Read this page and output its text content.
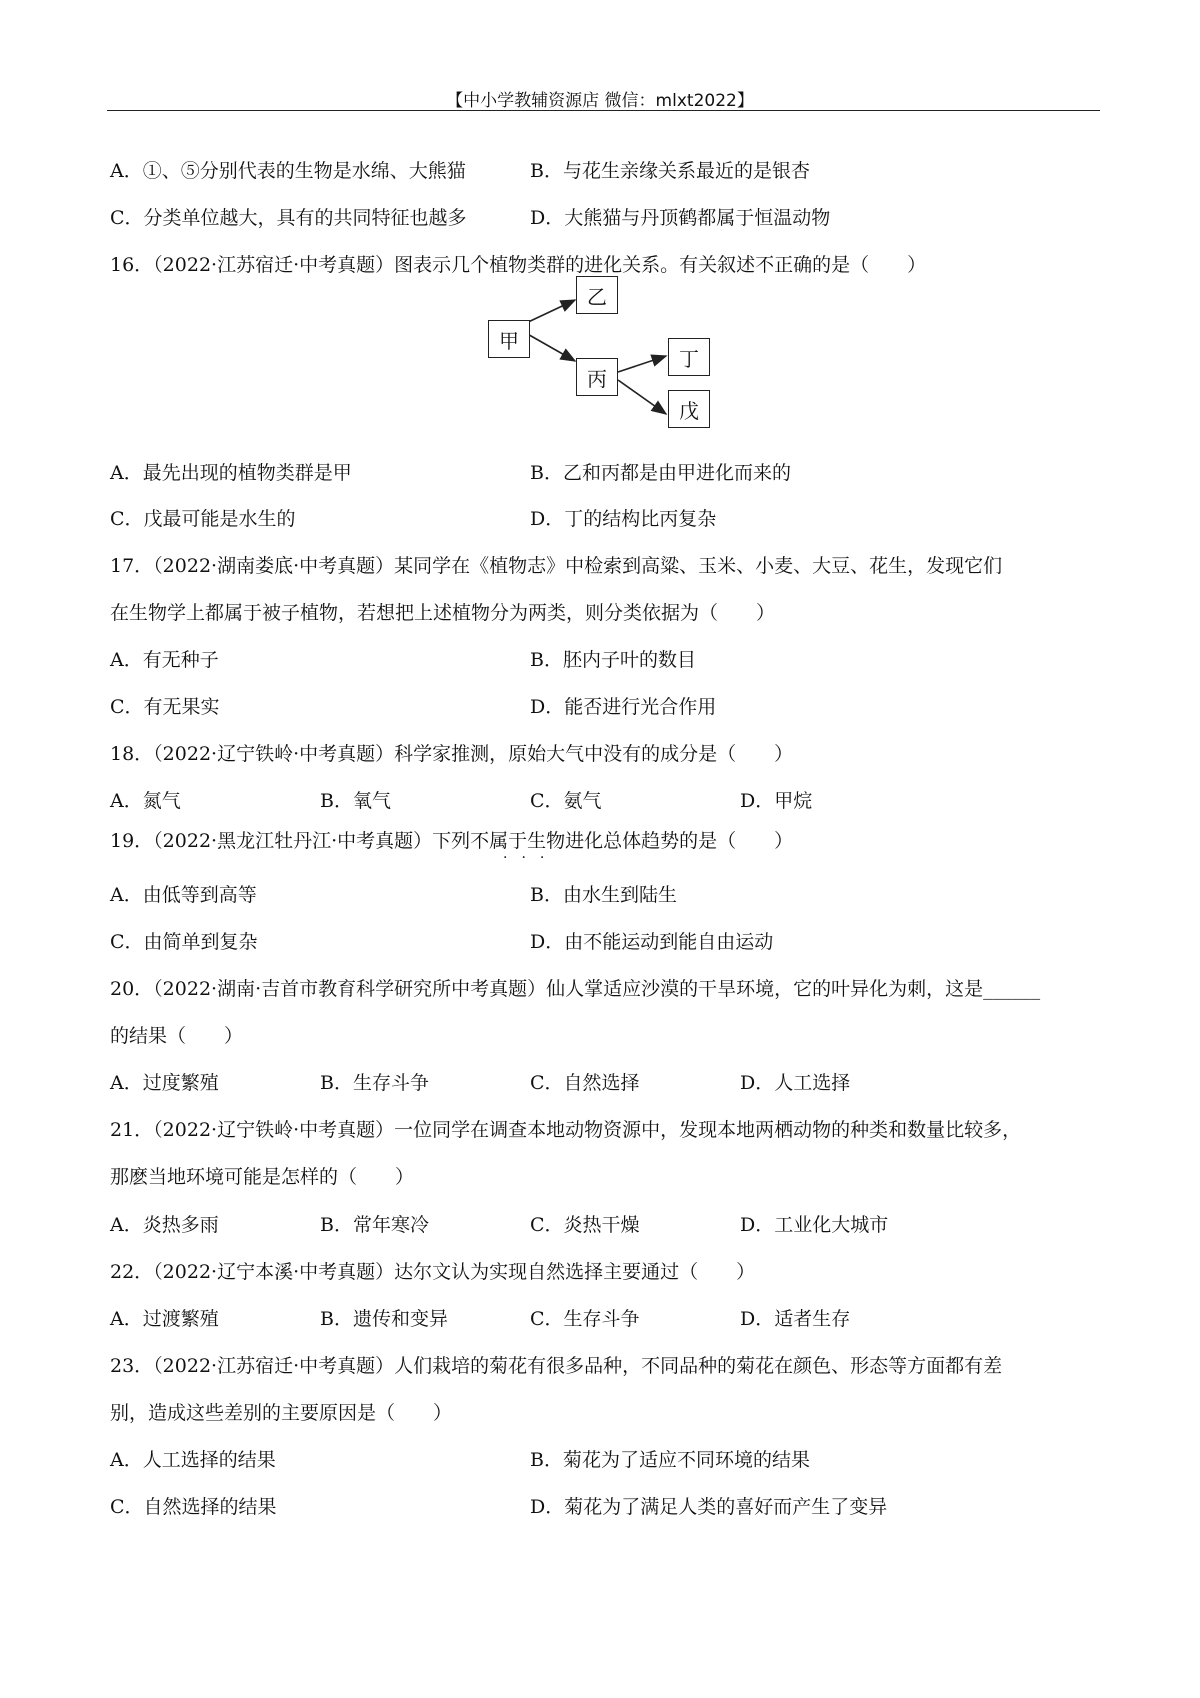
【中小学教辅资源店 微信：mlxt2022】
A．①、⑤分别代表的生物是水绵、大熊猫	B．与花生亲缘关系最近的是银杏
C．分类单位越大，具有的共同特征也越多	D．大熊猫与丹顶鹤都属于恒温动物
16．（2022·江苏宿迁·中考真题）图表示几个植物类群的进化关系。有关叙述不正确的是（　　）
甲
乙
丙
丁
戊
A．最先出现的植物类群是甲	B．乙和丙都是由甲进化而来的
C．戊最可能是水生的	D．丁的结构比丙复杂
17．（2022·湖南娄底·中考真题）某同学在《植物志》中检索到高粱、玉米、小麦、大豆、花生，发现它们
在生物学上都属于被子植物，若想把上述植物分为两类，则分类依据为（　　）
A．有无种子	B．胚内子叶的数目
C．有无果实	D．能否进行光合作用
18．（2022·辽宁铁岭·中考真题）科学家推测，原始大气中没有的成分是（　　）
A．氮气	B．氧气	C．氨气	D．甲烷
19．（2022·黑龙江牡丹江·中考真题）下列不属于生物进化总体趋势的是（　　）
···
A．由低等到高等	B．由水生到陆生
C．由简单到复杂	D．由不能运动到能自由运动
20．（2022·湖南·吉首市教育科学研究所中考真题）仙人掌适应沙漠的干旱环境，它的叶异化为刺，这是______
的结果（　　）
A．过度繁殖	B．生存斗争	C．自然选择	D．人工选择
21．（2022·辽宁铁岭·中考真题）一位同学在调查本地动物资源中，发现本地两栖动物的种类和数量比较多，
那麽当地环境可能是怎样的（　　）
A．炎热多雨	B．常年寒冷	C．炎热干燥	D．工业化大城市
22．（2022·辽宁本溪·中考真题）达尔文认为实现自然选择主要通过（　　）
A．过渡繁殖	B．遗传和变异	C．生存斗争	D．适者生存
23．（2022·江苏宿迁·中考真题）人们栽培的菊花有很多品种，不同品种的菊花在颜色、形态等方面都有差
别，造成这些差别的主要原因是（　　）
A．人工选择的结果	B．菊花为了适应不同环境的结果
C．自然选择的结果	D．菊花为了满足人类的喜好而产生了变异
